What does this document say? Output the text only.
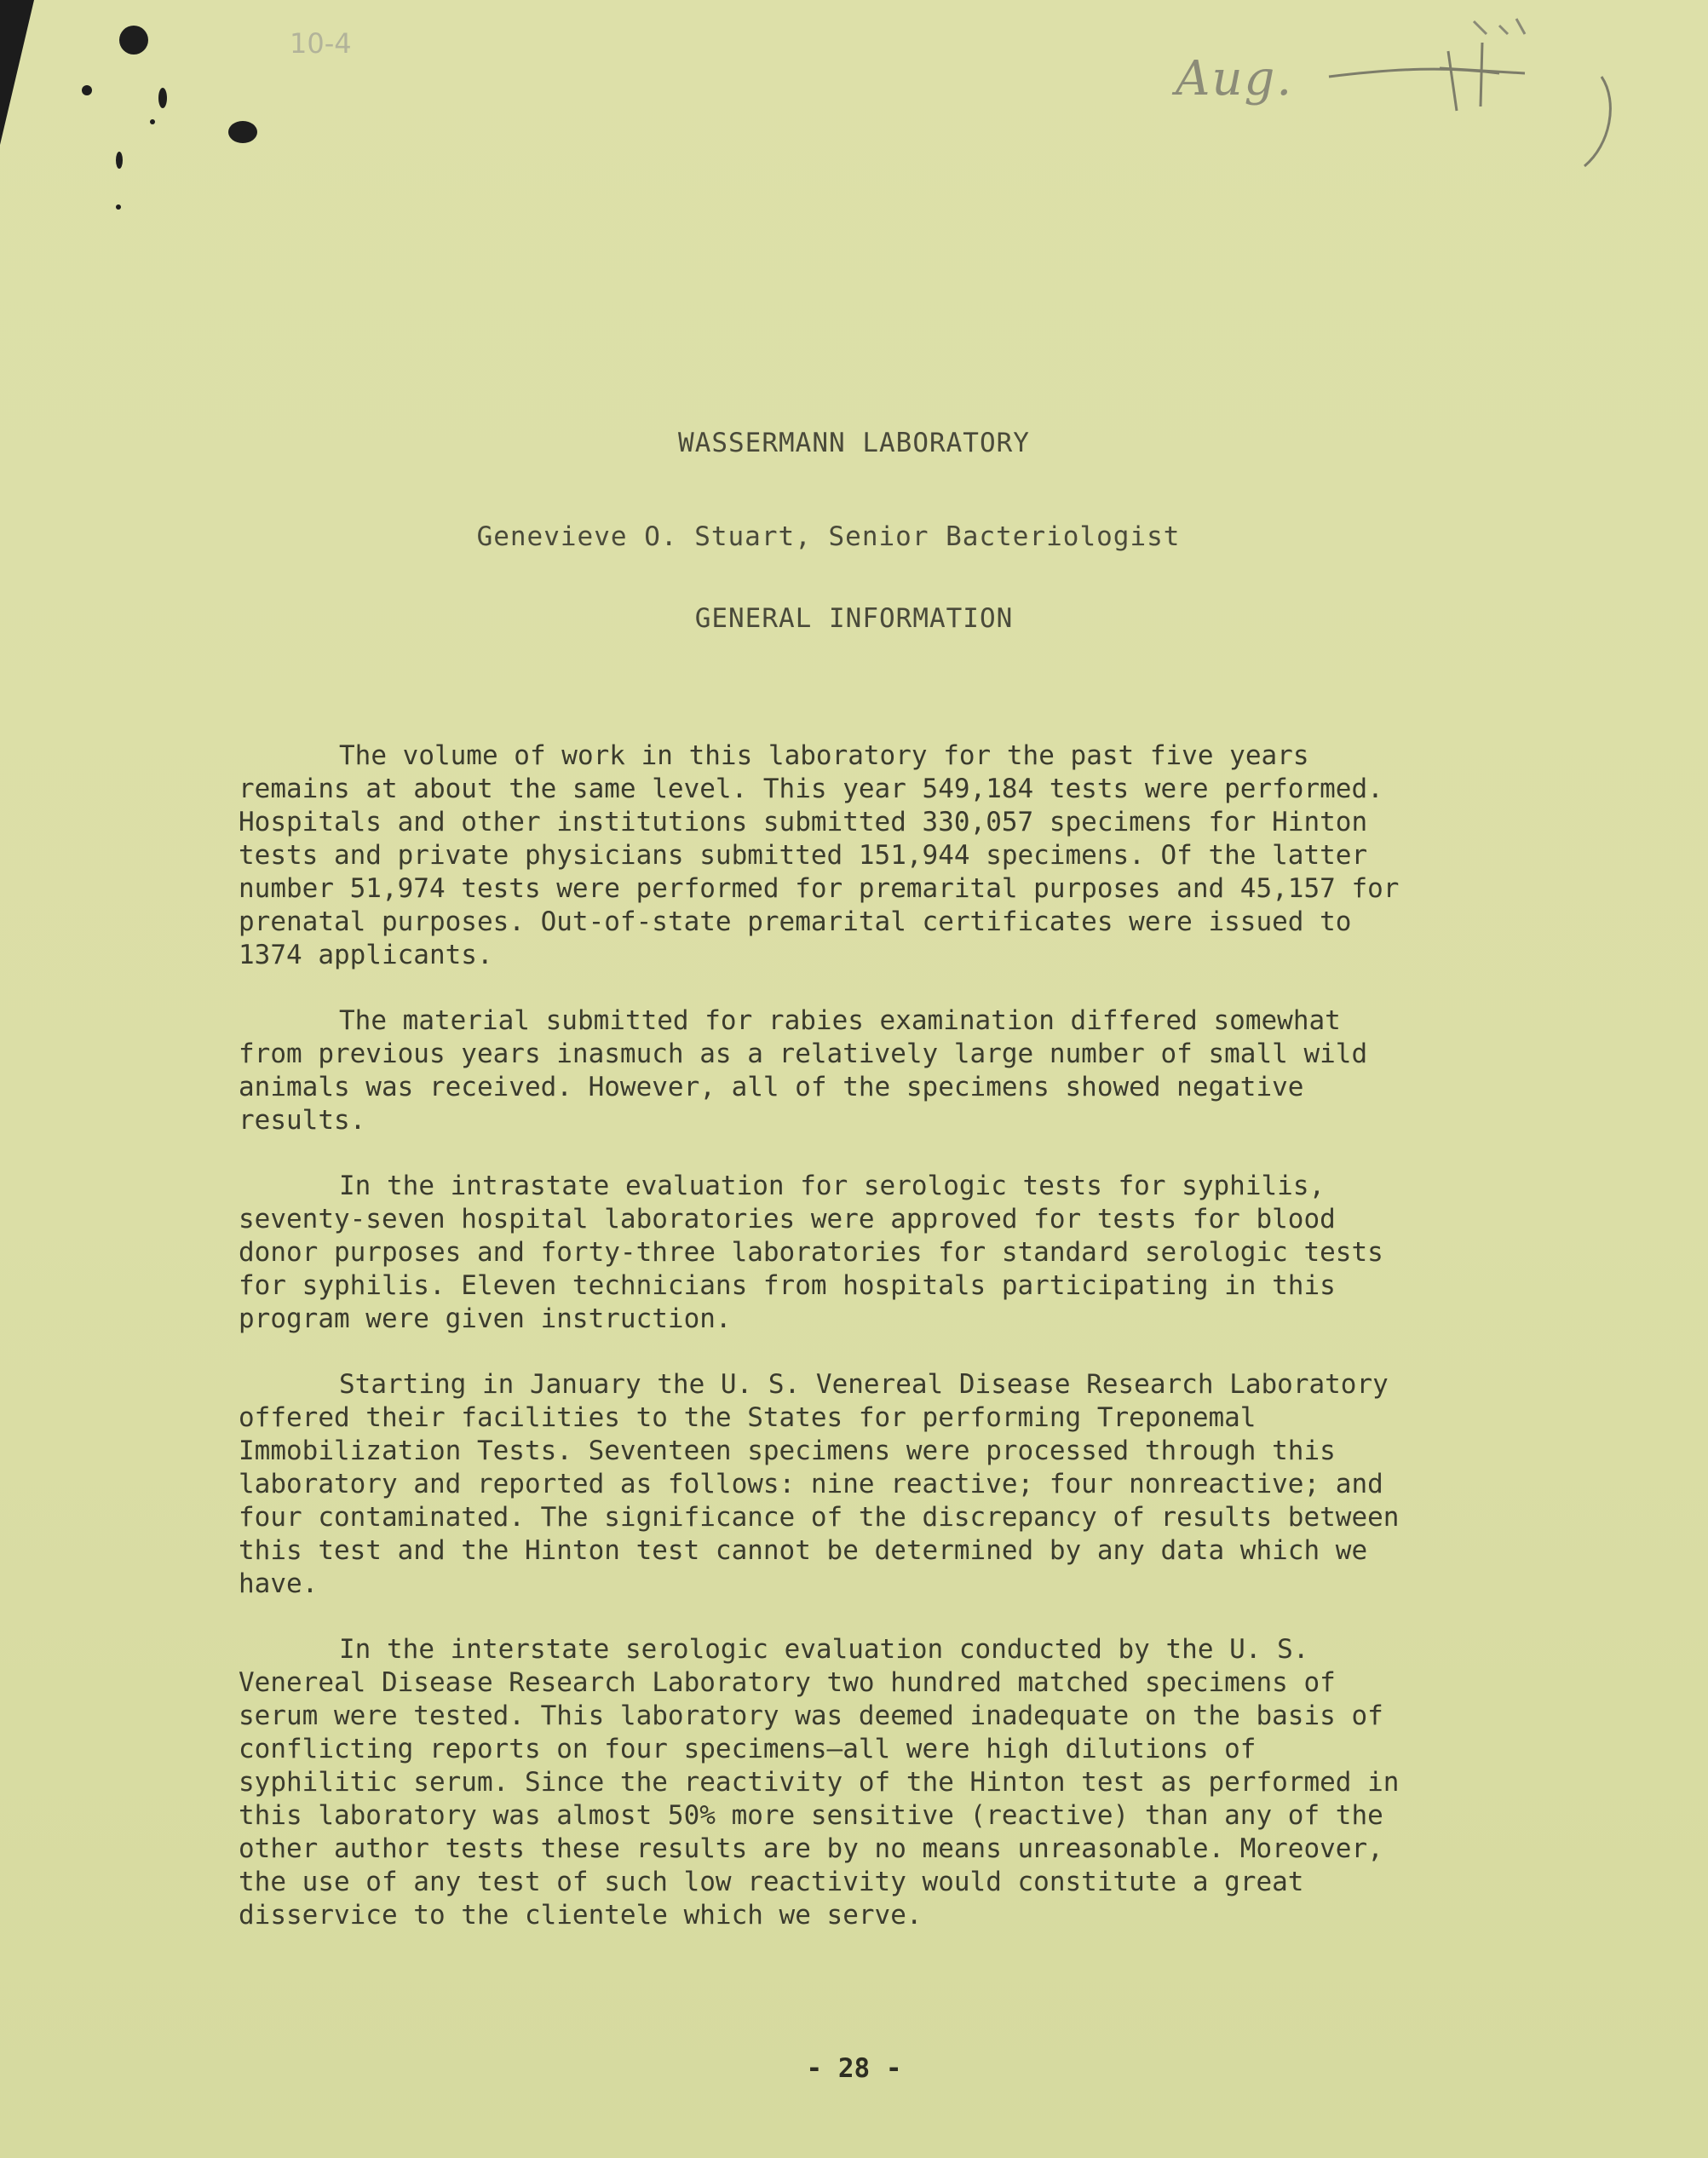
10-4
Aug.
WASSERMANN LABORATORY
Genevieve O. Stuart, Senior Bacteriologist
GENERAL INFORMATION

The volume of work in this laboratory for the past five years remains at about the same level. This year 549,184 tests were performed. Hospitals and other institutions submitted 330,057 specimens for Hinton tests and private physicians submitted 151,944 specimens. Of the latter number 51,974 tests were performed for premarital purposes and 45,157 for prenatal purposes. Out-of-state premarital certificates were issued to 1374 applicants.

The material submitted for rabies examination differed somewhat from previous years inasmuch as a relatively large number of small wild animals was received. However, all of the specimens showed negative results.

In the intrastate evaluation for serologic tests for syphilis, seventy-seven hospital laboratories were approved for tests for blood donor purposes and forty-three laboratories for standard serologic tests for syphilis. Eleven technicians from hospitals participating in this program were given instruction.

Starting in January the U. S. Venereal Disease Research Laboratory offered their facilities to the States for performing Treponemal Immobilization Tests. Seventeen specimens were processed through this laboratory and reported as follows: nine reactive; four nonreactive; and four contaminated. The significance of the discrepancy of results between this test and the Hinton test cannot be determined by any data which we have.

In the interstate serologic evaluation conducted by the U. S. Venereal Disease Research Laboratory two hundred matched specimens of serum were tested. This laboratory was deemed inadequate on the basis of conflicting reports on four specimens—all were high dilutions of syphilitic serum. Since the reactivity of the Hinton test as performed in this laboratory was almost 50% more sensitive (reactive) than any of the other author tests these results are by no means unreasonable. Moreover, the use of any test of such low reactivity would constitute a great disservice to the clientele which we serve.

- 28 -
